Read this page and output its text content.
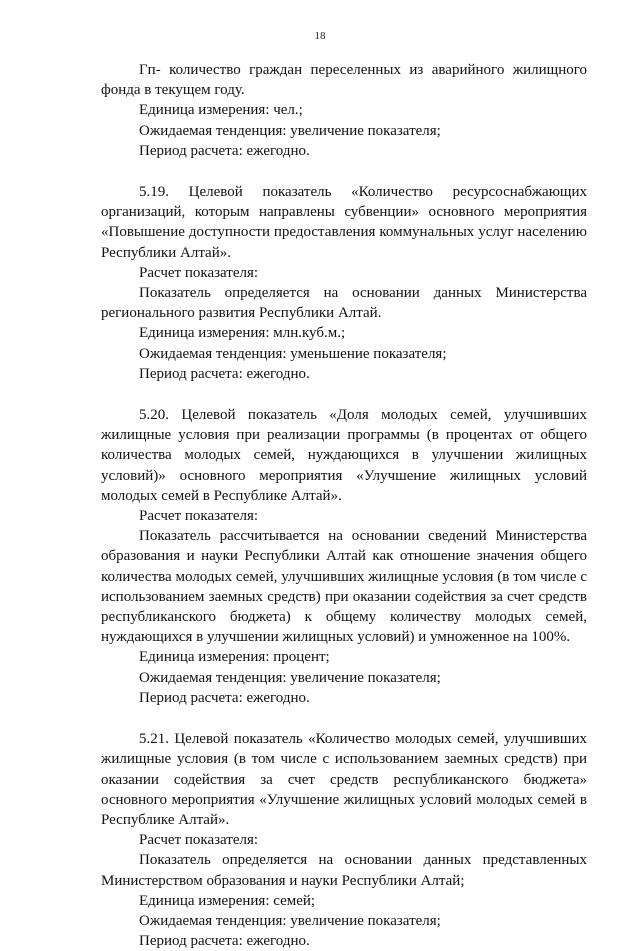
18

Гп- количество граждан переселенных из аварийного жилищного фонда в текущем году.

Единица измерения: чел.;

Ожидаемая тенденция: увеличение показателя;

Период расчета: ежегодно.

5.19. Целевой показатель «Количество ресурсоснабжающих организаций, которым направлены субвенции» основного мероприятия «Повышение доступности предоставления коммунальных услуг населению Республики Алтай».

Расчет показателя:

Показатель определяется на основании данных Министерства регионального развития Республики Алтай.

Единица измерения: млн.куб.м.;

Ожидаемая тенденция: уменьшение показателя;

Период расчета: ежегодно.

5.20. Целевой показатель «Доля молодых семей, улучшивших жилищные условия при реализации программы (в процентах от общего количества молодых семей, нуждающихся в улучшении жилищных условий)» основного мероприятия «Улучшение жилищных условий молодых семей в Республике Алтай».

Расчет показателя:

Показатель рассчитывается на основании сведений Министерства образования и науки Республики Алтай как отношение значения общего количества молодых семей, улучшивших жилищные условия (в том числе с использованием заемных средств) при оказании содействия за счет средств республиканского бюджета) к общему количеству молодых семей, нуждающихся в улучшении жилищных условий) и умноженное на 100%.

Единица измерения: процент;

Ожидаемая тенденция: увеличение показателя;

Период расчета: ежегодно.

5.21. Целевой показатель «Количество молодых семей, улучшивших жилищные условия (в том числе с использованием заемных средств) при оказании содействия за счет средств республиканского бюджета» основного мероприятия «Улучшение жилищных условий молодых семей в Республике Алтай».

Расчет показателя:

Показатель определяется на основании данных представленных Министерством образования и науки Республики Алтай;

Единица измерения: семей;

Ожидаемая тенденция: увеличение показателя;

Период расчета: ежегодно.
